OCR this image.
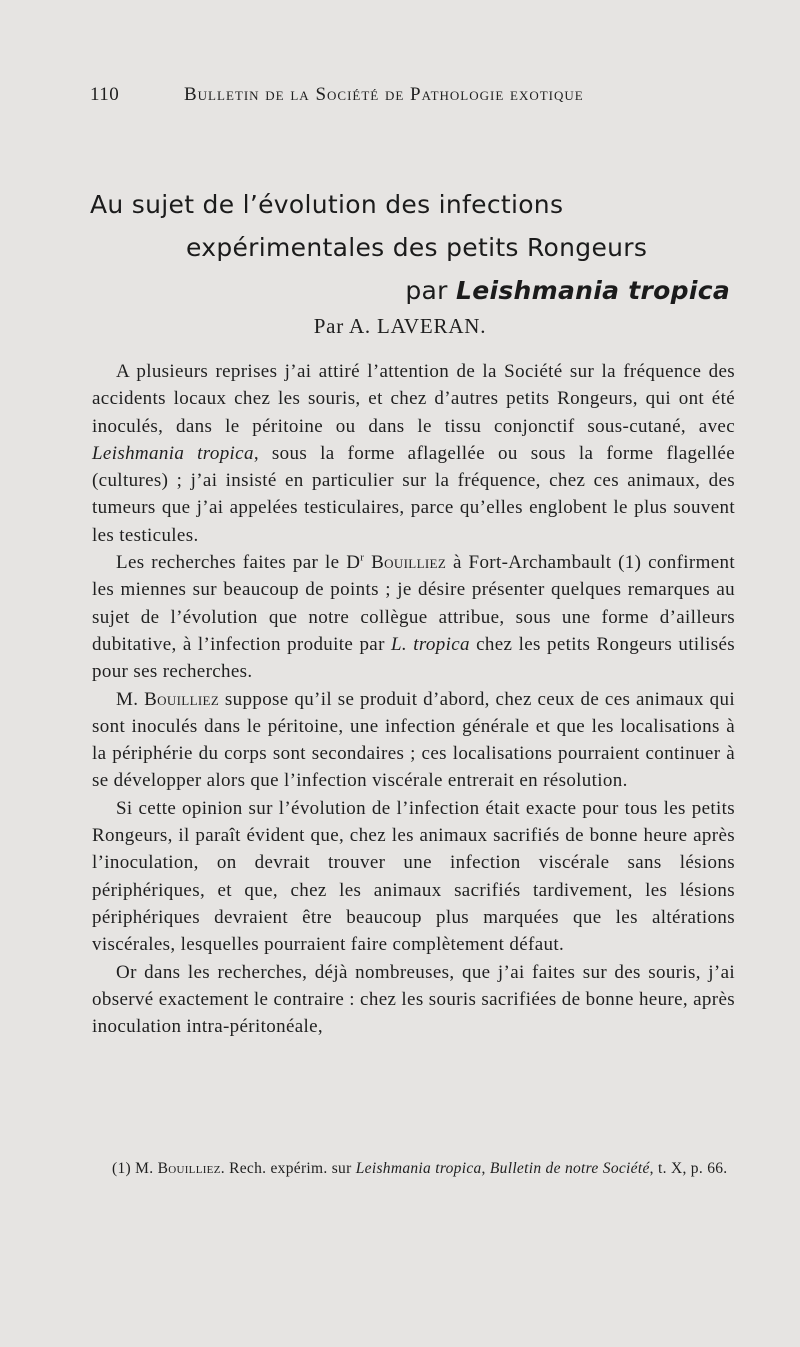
110	Bulletin de la Société de Pathologie exotique
Au sujet de l’évolution des infections
expérimentales des petits Rongeurs
par Leishmania tropica
Par A. LAVERAN.

A plusieurs reprises j’ai attiré l’attention de la Société sur la fréquence des accidents locaux chez les souris, et chez d’autres petits Rongeurs, qui ont été inoculés, dans le péritoine ou dans le tissu conjonctif sous-cutané, avec Leishmania tropica, sous la forme aflagellée ou sous la forme flagellée (cultures) ; j’ai insisté en particulier sur la fréquence, chez ces animaux, des tumeurs que j’ai appelées testiculaires, parce qu’elles englobent le plus souvent les testicules.

Les recherches faites par le $D^r$ Bouilliez à Fort-Archambault (1) confirment les miennes sur beaucoup de points ; je désire présenter quelques remarques au sujet de l’évolution que notre collègue attribue, sous une forme d’ailleurs dubitative, à l’infection produite par L. tropica chez les petits Rongeurs utilisés pour ses recherches.

M. Bouilliez suppose qu’il se produit d’abord, chez ceux de ces animaux qui sont inoculés dans le péritoine, une infection générale et que les localisations à la périphérie du corps sont secondaires ; ces localisations pourraient continuer à se développer alors que l’infection viscérale entrerait en résolution.

Si cette opinion sur l’évolution de l’infection était exacte pour tous les petits Rongeurs, il paraît évident que, chez les animaux sacrifiés de bonne heure après l’inoculation, on devrait trouver une infection viscérale sans lésions périphériques, et que, chez les animaux sacrifiés tardivement, les lésions périphériques devraient être beaucoup plus marquées que les altérations viscérales, lesquelles pourraient faire complètement défaut.

Or dans les recherches, déjà nombreuses, que j’ai faites sur des souris, j’ai observé exactement le contraire : chez les souris sacrifiées de bonne heure, après inoculation intra-péritonéale,

(1) M. Bouilliez. Rech. expérim. sur Leishmania tropica, Bulletin de notre Société, t. X, p. 66.
